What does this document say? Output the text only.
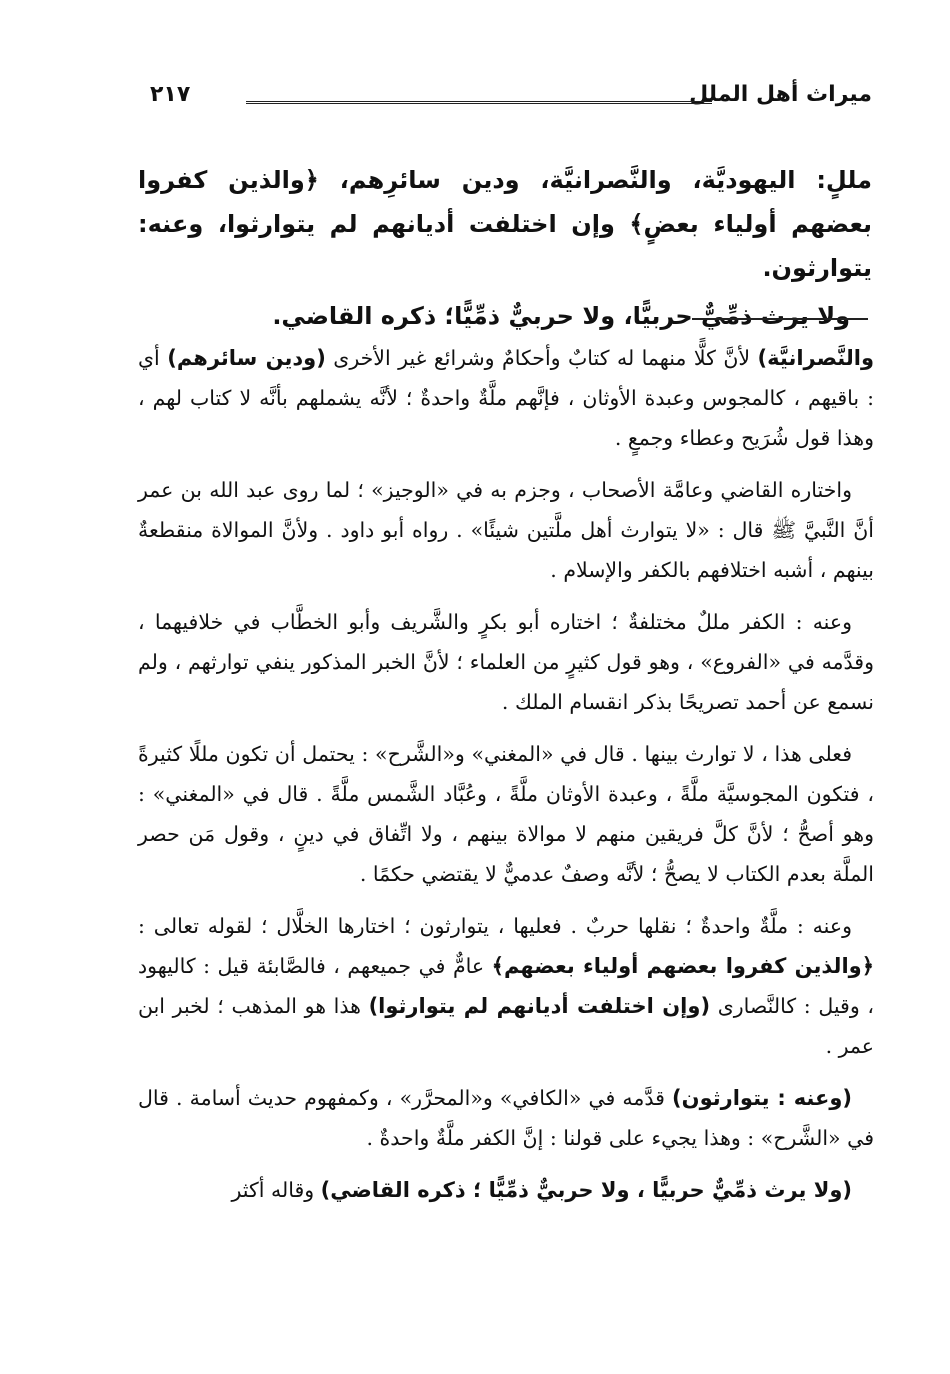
ميراث أهل الملل
٢١٧

مللٍ: اليهوديَّة، والنَّصرانيَّة، ودين سائرِهم، ﴿والذين كفروا بعضهم أولياء بعضٍ﴾ وإن اختلفت أديانهم لم يتوارثوا، وعنه: يتوارثون.

ولا يرث ذمِّيٌّ حربيًّا، ولا حربيٌّ ذمِّيًّا؛ ذكره القاضي.

والنَّصرانيَّة) لأنَّ كلًّا منهما له كتابٌ وأحكامٌ وشرائع غير الأخرى (ودين سائرهم) أي : باقيهم ، كالمجوس وعبدة الأوثان ، فإنَّهم ملَّةٌ واحدةٌ ؛ لأنَّه يشملهم بأنَّه لا كتاب لهم ، وهذا قول شُرَيح وعطاء وجمعٍ .

واختاره القاضي وعامَّة الأصحاب ، وجزم به في «الوجيز» ؛ لما روى عبد الله بن عمر أنَّ النَّبيَّ ﷺ قال : «لا يتوارث أهل ملَّتين شيئًا» . رواه أبو داود . ولأنَّ الموالاة منقطعةٌ بينهم ، أشبه اختلافهم بالكفر والإسلام .

وعنه : الكفر مللٌ مختلفةٌ ؛ اختاره أبو بكرٍ والشَّريف وأبو الخطَّاب في خلافيهما ، وقدَّمه في «الفروع» ، وهو قول كثيرٍ من العلماء ؛ لأنَّ الخبر المذكور ينفي توارثهم ، ولم نسمع عن أحمد تصريحًا بذكر انقسام الملك .

فعلى هذا ، لا توارث بينها . قال في «المغني» و«الشَّرح» : يحتمل أن تكون مللًا كثيرةً ، فتكون المجوسيَّة ملَّةً ، وعبدة الأوثان ملَّةً ، وعُبَّاد الشَّمس ملَّةً . قال في «المغني» : وهو أصحُّ ؛ لأنَّ كلَّ فريقين منهم لا موالاة بينهم ، ولا اتِّفاق في دينٍ ، وقول مَن حصر الملَّة بعدم الكتاب لا يصحُّ ؛ لأنَّه وصفٌ عدميٌّ لا يقتضي حكمًا .

وعنه : ملَّةٌ واحدةٌ ؛ نقلها حربٌ . فعليها ، يتوارثون ؛ اختارها الخلَّال ؛ لقوله تعالى : ﴿والذين كفروا بعضهم أولياء بعضهم﴾ عامٌّ في جميعهم ، فالصَّابئة قيل : كاليهود ، وقيل : كالنَّصارى (وإن اختلفت أديانهم لم يتوارثوا) هذا هو المذهب ؛ لخبر ابن عمر .

(وعنه : يتوارثون) قدَّمه في «الكافي» و«المحرَّر» ، وكمفهوم حديث أسامة . قال في «الشَّرح» : وهذا يجيء على قولنا : إنَّ الكفر ملَّةٌ واحدةٌ .

(ولا يرث ذمِّيٌّ حربيًّا ، ولا حربيٌّ ذمِّيًّا ؛ ذكره القاضي) وقاله أكثر
